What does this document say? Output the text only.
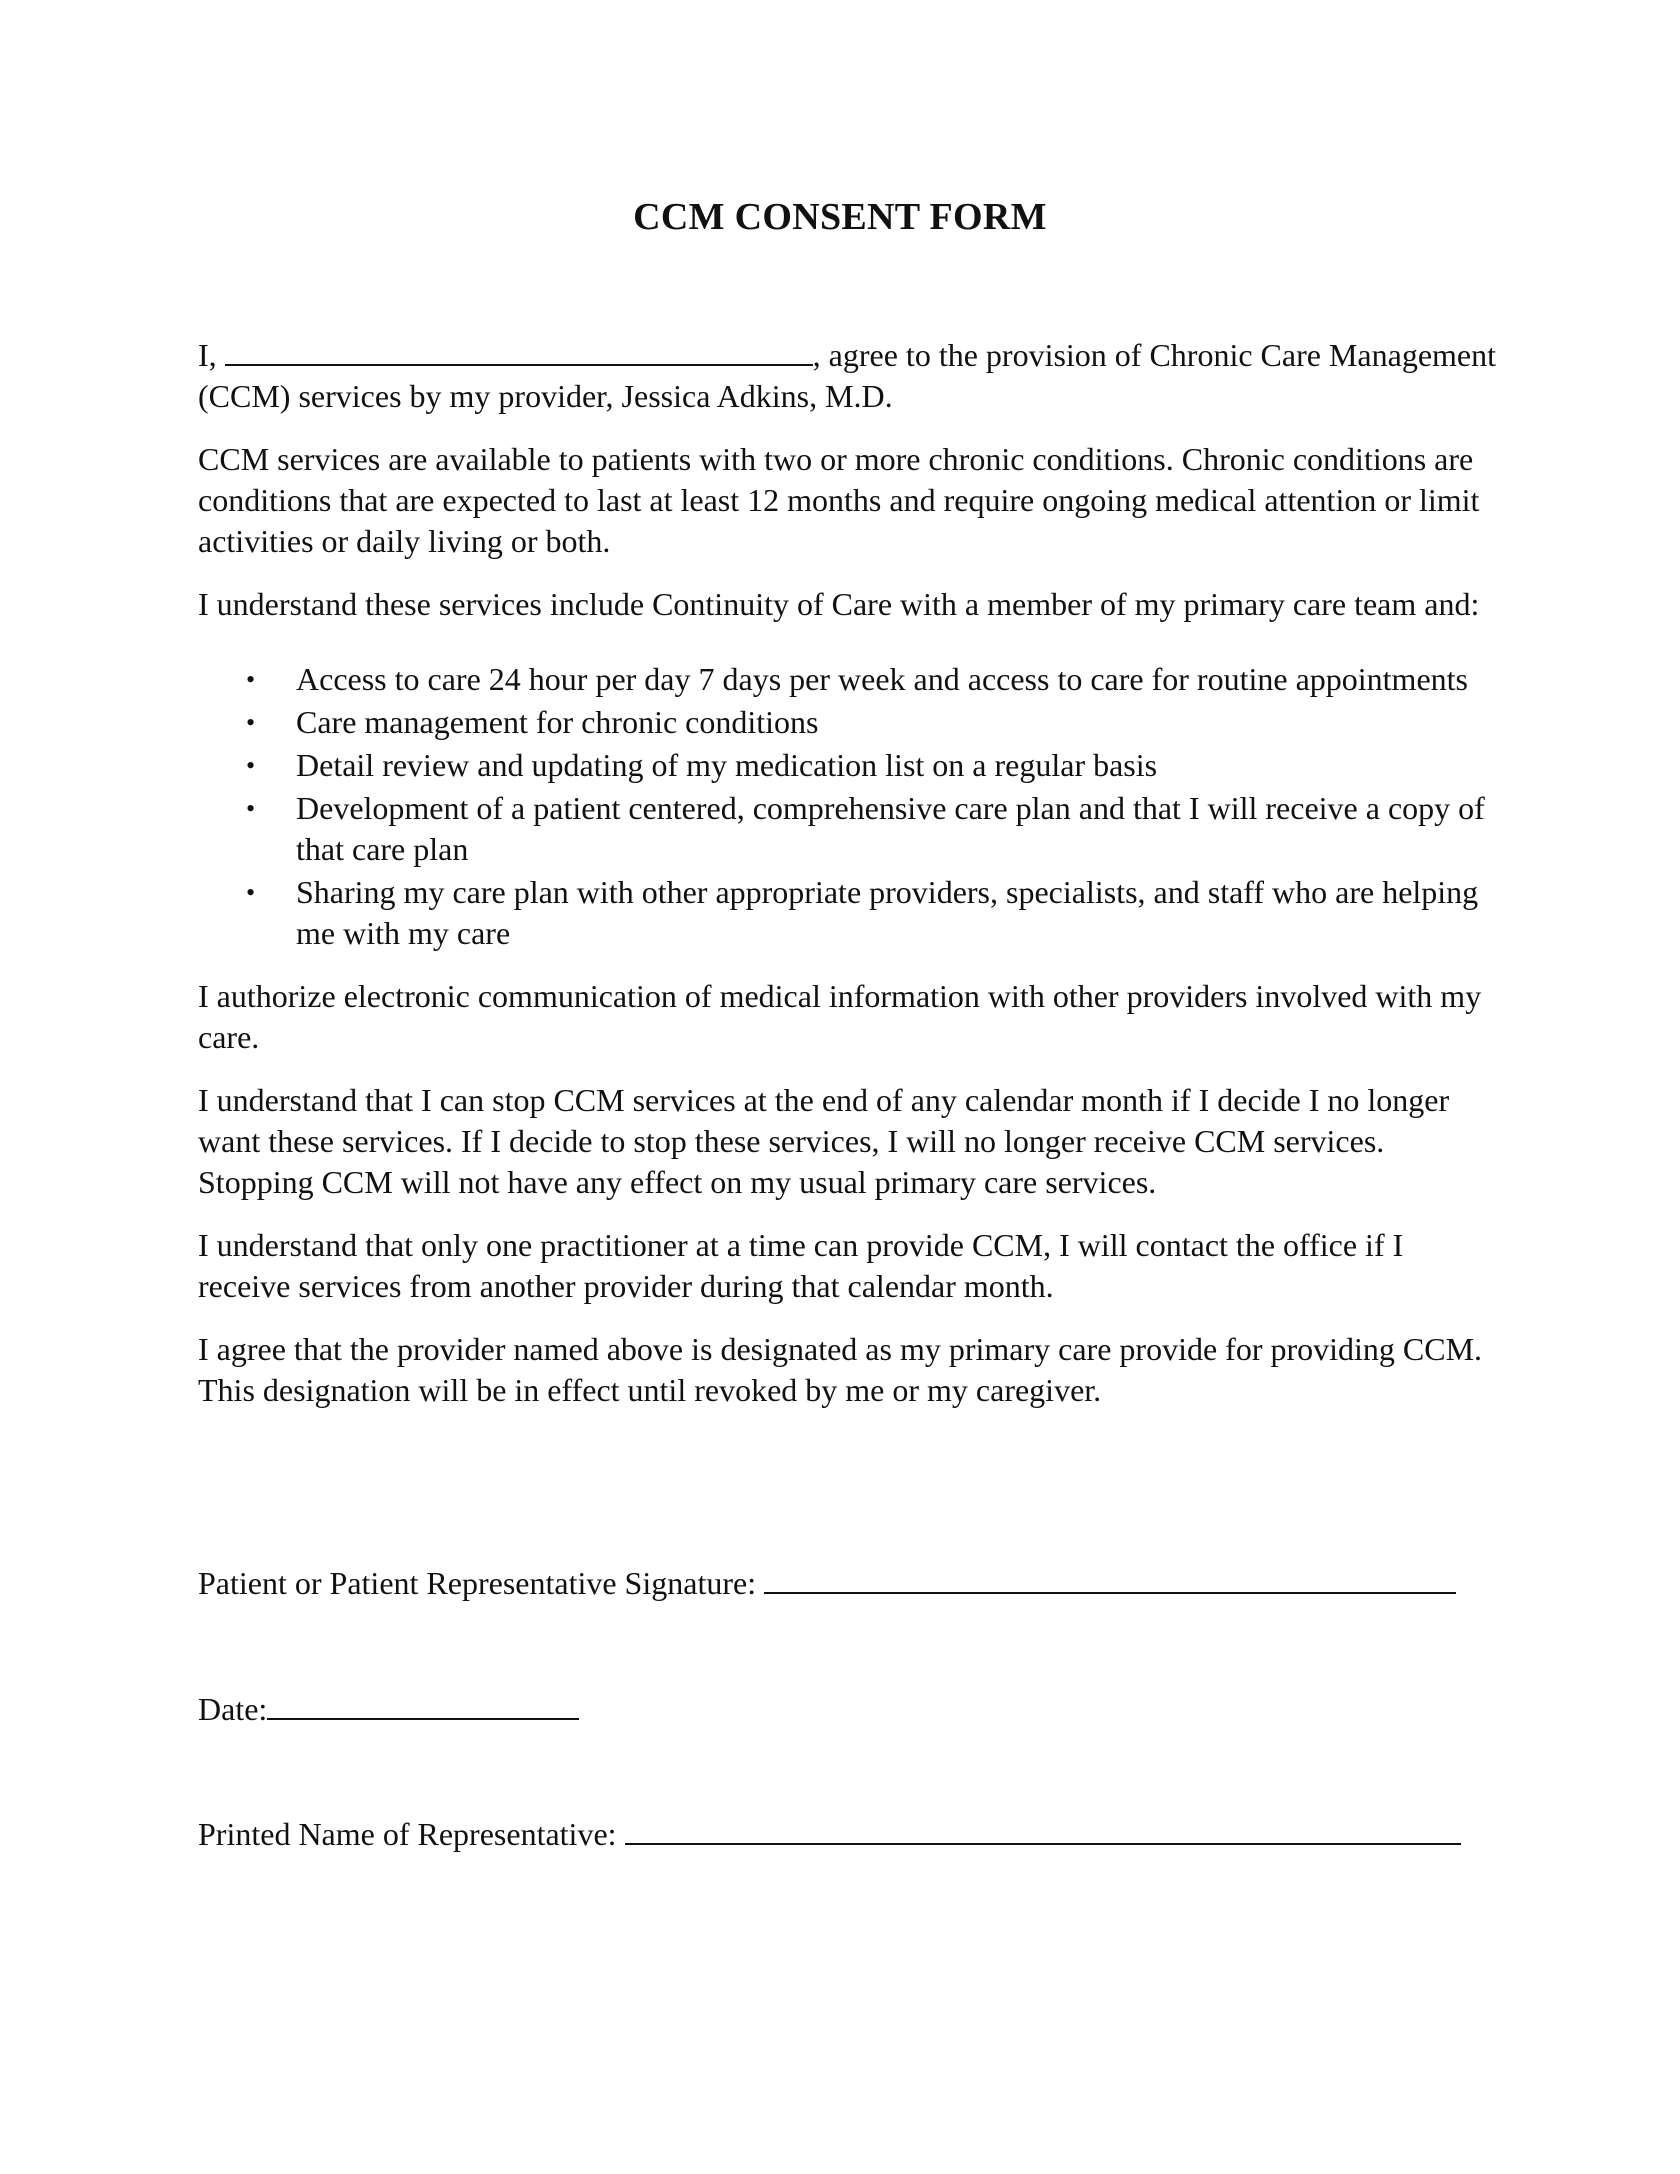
CCM CONSENT FORM

I,	, agree to the provision of Chronic Care Management (CCM) services by my provider, Jessica Adkins, M.D.

CCM services are available to patients with two or more chronic conditions. Chronic conditions are conditions that are expected to last at least 12 months and require ongoing medical attention or limit activities or daily living or both.

I understand these services include Continuity of Care with a member of my primary care team and:

• Access to care 24 hour per day 7 days per week and access to care for routine appointments
• Care management for chronic conditions
• Detail review and updating of my medication list on a regular basis
• Development of a patient centered, comprehensive care plan and that I will receive a copy of that care plan
• Sharing my care plan with other appropriate providers, specialists, and staff who are helping me with my care

I authorize electronic communication of medical information with other providers involved with my care.

I understand that I can stop CCM services at the end of any calendar month if I decide I no longer want these services. If I decide to stop these services, I will no longer receive CCM services. Stopping CCM will not have any effect on my usual primary care services.

I understand that only one practitioner at a time can provide CCM, I will contact the office if I receive services from another provider during that calendar month.

I agree that the provider named above is designated as my primary care provide for providing CCM. This designation will be in effect until revoked by me or my caregiver.

Patient or Patient Representative Signature:
Date:
Printed Name of Representative:
